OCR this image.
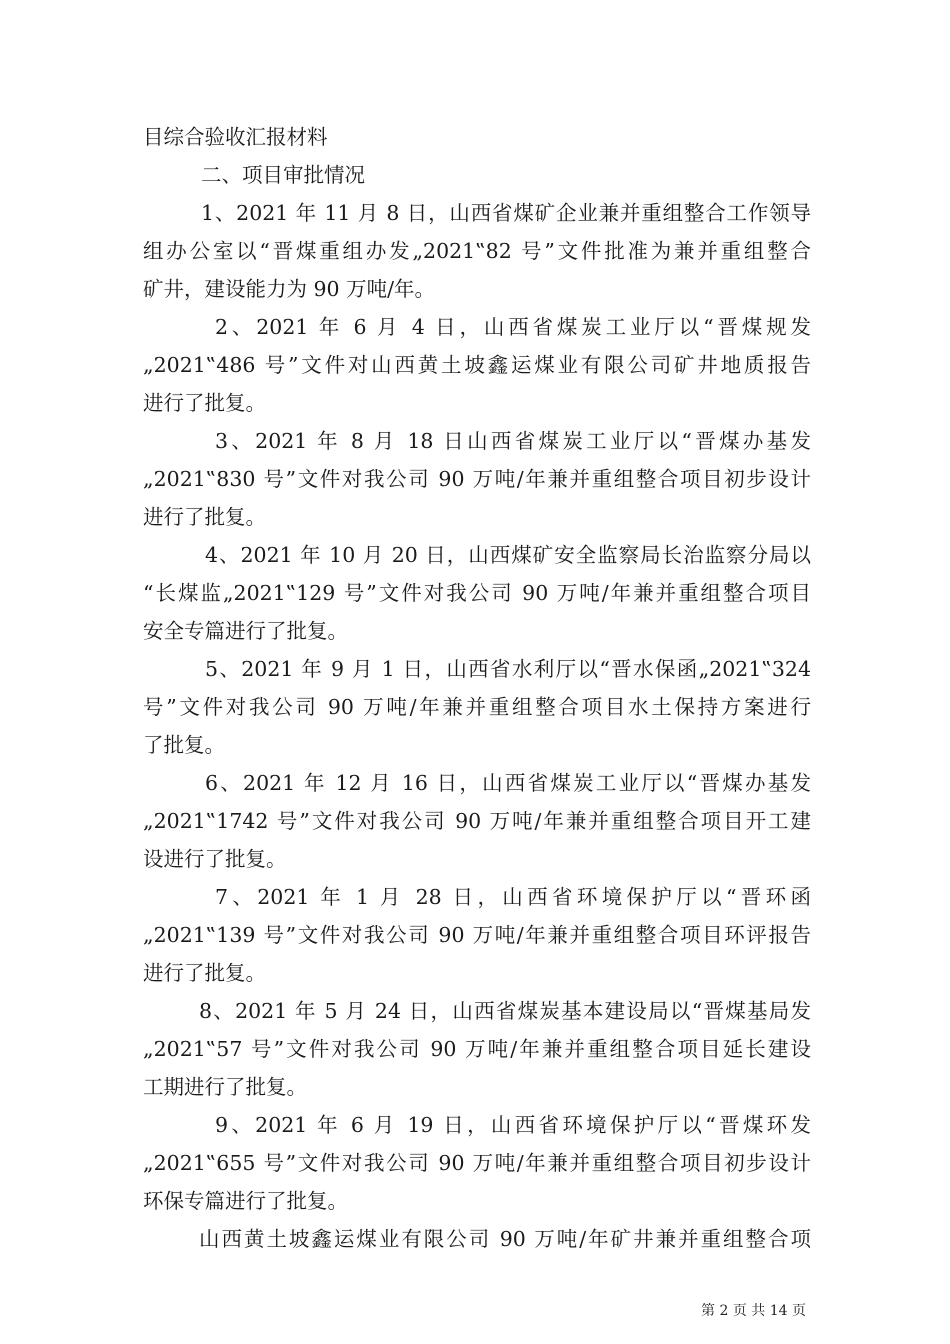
目综合验收汇报材料
二、项目审批情况
1、2021 年 11 月 8 日，山西省煤矿企业兼并重组整合工作领导
组办公室以“晋煤重组办发„2021‟82 号”文件批准为兼并重组整合
矿井，建设能力为 90 万吨/年。
2、2021 年 6 月 4 日，山西省煤炭工业厅以“晋煤规发
„2021‟486 号”文件对山西黄土坡鑫运煤业有限公司矿井地质报告
进行了批复。
3、2021 年 8 月 18 日山西省煤炭工业厅以“晋煤办基发
„2021‟830 号”文件对我公司 90 万吨/年兼并重组整合项目初步设计
进行了批复。
4、2021 年 10 月 20 日，山西煤矿安全监察局长治监察分局以
“长煤监„2021‟129 号”文件对我公司 90 万吨/年兼并重组整合项目
安全专篇进行了批复。
5、2021 年 9 月 1 日，山西省水利厅以“晋水保函„2021‟324
号”文件对我公司 90 万吨/年兼并重组整合项目水土保持方案进行
了批复。
6、2021 年 12 月 16 日，山西省煤炭工业厅以“晋煤办基发
„2021‟1742 号”文件对我公司 90 万吨/年兼并重组整合项目开工建
设进行了批复。
7、2021 年 1 月 28 日，山西省环境保护厅以“晋环函
„2021‟139 号”文件对我公司 90 万吨/年兼并重组整合项目环评报告
进行了批复。
8、2021 年 5 月 24 日，山西省煤炭基本建设局以“晋煤基局发
„2021‟57 号”文件对我公司 90 万吨/年兼并重组整合项目延长建设
工期进行了批复。
9、2021 年 6 月 19 日，山西省环境保护厅以“晋煤环发
„2021‟655 号”文件对我公司 90 万吨/年兼并重组整合项目初步设计
环保专篇进行了批复。
山西黄土坡鑫运煤业有限公司 90 万吨/年矿井兼并重组整合项
第 2 页 共 14 页
